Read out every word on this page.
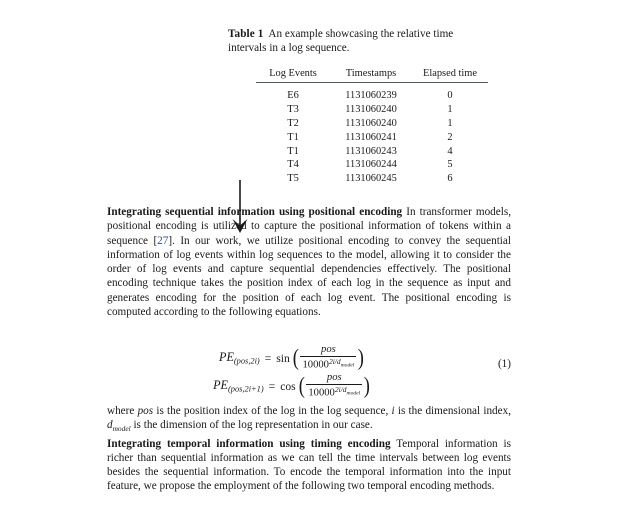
Table 1 An example showcasing the relative time intervals in a log sequence.
Log Events	Timestamps	Elapsed time
E6	1131060239	0
T3	1131060240	1
T2	1131060240	1
T1	1131060241	2
T1	1131060243	4
T4	1131060244	5
T5	1131060245	6

Integrating sequential information using positional encoding In transformer models, positional encoding is utilized to capture the positional information of tokens within a sequence [27]. In our work, we utilize positional encoding to convey the sequential information of log events within log sequences to the model, allowing it to consider the order of log events and capture sequential dependencies effectively. The positional encoding technique takes the position index of each log in the sequence as input and generates encoding for the position of each log event. The positional encoding is computed according to the following equations.

$PE_{(pos,2i)} = \sin$ ( $\frac{\text{pos}}{10000^{2i/d_{model}}}$ )
$PE_{(pos,2i+1)} = \cos$ ( $\frac{\text{pos}}{10000^{2i/d_{model}}}$ )
(1)

where pos is the position index of the log in the log sequence, i is the dimensional index, $d_{model}$ is the dimension of the log representation in our case.

Integrating temporal information using timing encoding Temporal information is richer than sequential information as we can tell the time intervals between log events besides the sequential information. To encode the temporal information into the input feature, we propose the employment of the following two temporal encoding methods.
